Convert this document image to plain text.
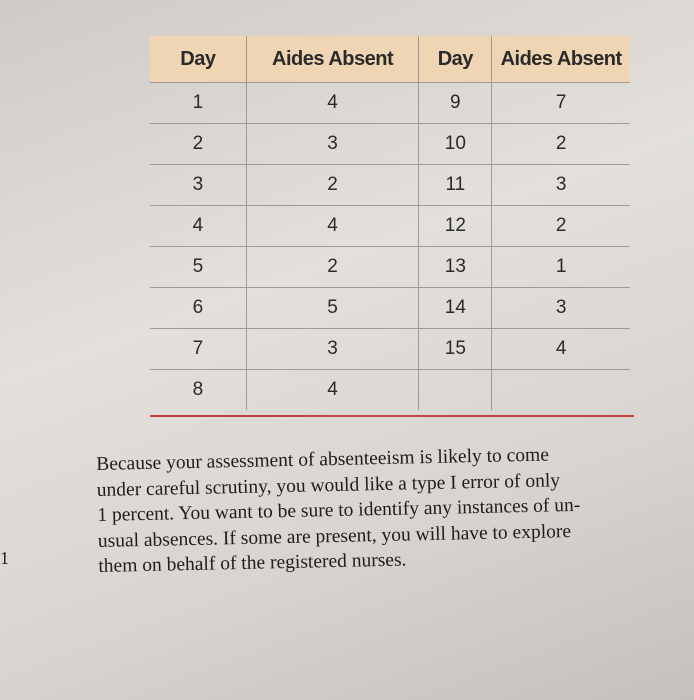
Day	Aides Absent	Day	Aides Absent
1	4	9	7
2	3	10	2
3	2	11	3
4	4	12	2
5	2	13	1
6	5	14	3
7	3	15	4
8	4		
Because your assessment of absenteeism is likely to come
under careful scrutiny, you would like a type I error of only
1 percent. You want to be sure to identify any instances of un-
usual absences. If some are present, you will have to explore
them on behalf of the registered nurses.
1
